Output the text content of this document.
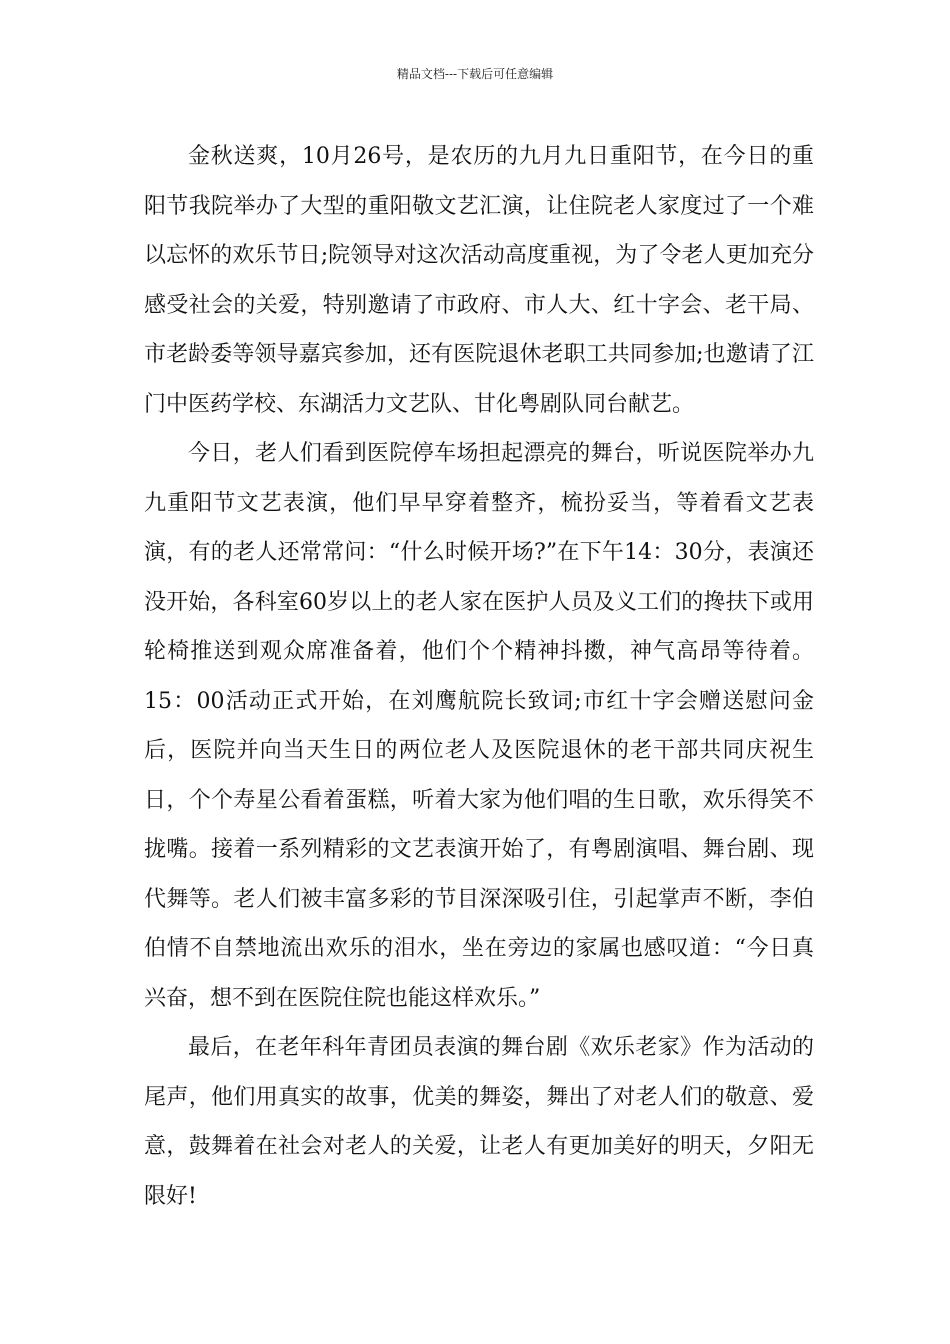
精品文档---下载后可任意编辑

金秋送爽，10月26号，是农历的九月九日重阳节，在今日的重阳节我院举办了大型的重阳敬文艺汇演，让住院老人家度过了一个难以忘怀的欢乐节日;院领导对这次活动高度重视，为了令老人更加充分感受社会的关爱，特别邀请了市政府、市人大、红十字会、老干局、市老龄委等领导嘉宾参加，还有医院退休老职工共同参加;也邀请了江门中医药学校、东湖活力文艺队、甘化粤剧队同台献艺。

今日，老人们看到医院停车场担起漂亮的舞台，听说医院举办九九重阳节文艺表演，他们早早穿着整齐，梳扮妥当，等着看文艺表演，有的老人还常常问：“什么时候开场?”在下午14：30分，表演还没开始，各科室60岁以上的老人家在医护人员及义工们的搀扶下或用轮椅推送到观众席准备着，他们个个精神抖擞，神气高昂等待着。15：00活动正式开始，在刘鹰航院长致词;市红十字会赠送慰问金后，医院并向当天生日的两位老人及医院退休的老干部共同庆祝生日，个个寿星公看着蛋糕，听着大家为他们唱的生日歌，欢乐得笑不拢嘴。接着一系列精彩的文艺表演开始了，有粤剧演唱、舞台剧、现代舞等。老人们被丰富多彩的节目深深吸引住，引起掌声不断，李伯伯情不自禁地流出欢乐的泪水，坐在旁边的家属也感叹道：“今日真兴奋，想不到在医院住院也能这样欢乐。”

最后，在老年科年青团员表演的舞台剧《欢乐老家》作为活动的尾声，他们用真实的故事，优美的舞姿，舞出了对老人们的敬意、爱意，鼓舞着在社会对老人的关爱，让老人有更加美好的明天，夕阳无限好!
